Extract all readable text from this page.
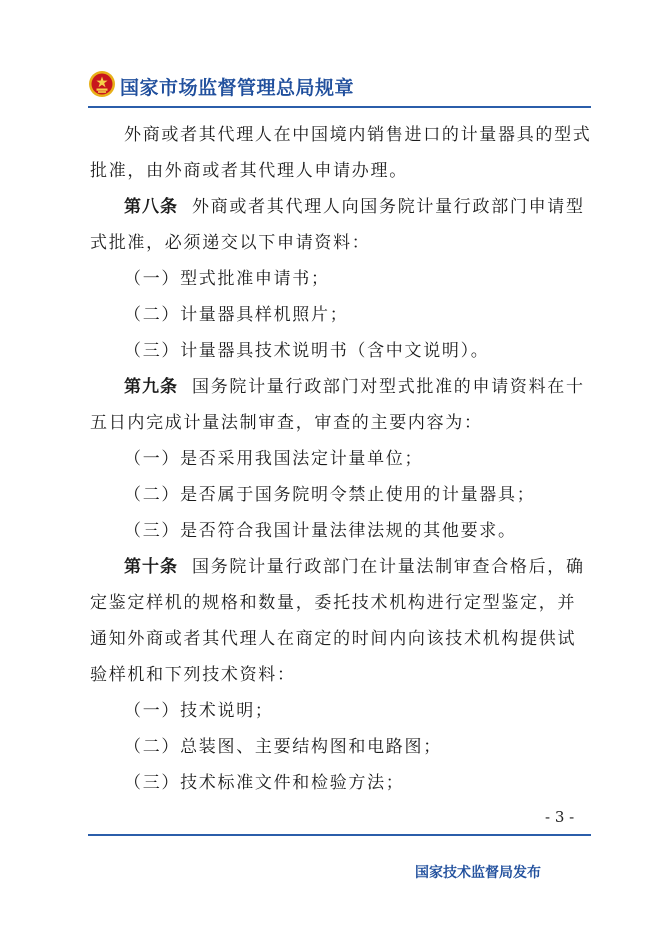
国家市场监督管理总局规章

外商或者其代理人在中国境内销售进口的计量器具的型式批准，由外商或者其代理人申请办理。

第八条 外商或者其代理人向国务院计量行政部门申请型式批准，必须递交以下申请资料：

（一）型式批准申请书；

（二）计量器具样机照片；

（三）计量器具技术说明书（含中文说明）。

第九条 国务院计量行政部门对型式批准的申请资料在十五日内完成计量法制审查，审查的主要内容为：

（一）是否采用我国法定计量单位；

（二）是否属于国务院明令禁止使用的计量器具；

（三）是否符合我国计量法律法规的其他要求。

第十条 国务院计量行政部门在计量法制审查合格后，确定鉴定样机的规格和数量，委托技术机构进行定型鉴定，并通知外商或者其代理人在商定的时间内向该技术机构提供试验样机和下列技术资料：

（一）技术说明；

（二）总装图、主要结构图和电路图；

（三）技术标准文件和检验方法；

- 3 -
国家技术监督局发布
